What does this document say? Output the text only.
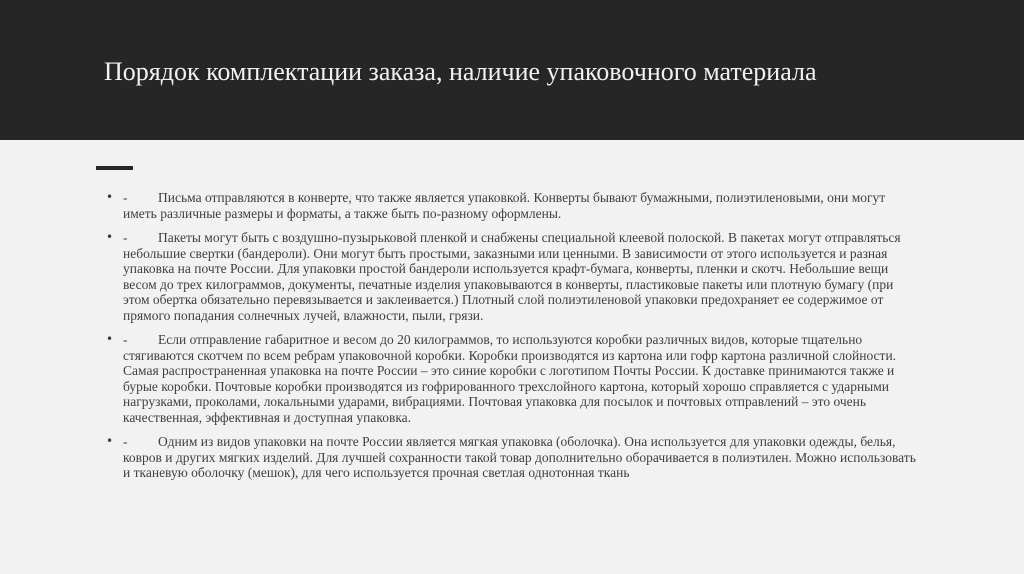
Порядок комплектации заказа, наличие упаковочного материала
• - Письма отправляются в конверте, что также является упаковкой. Конверты бывают бумажными, полиэтиленовыми, они могут иметь различные размеры и форматы, а также быть по-разному оформлены.
• - Пакеты могут быть с воздушно-пузырьковой пленкой и снабжены специальной клеевой полоской. В пакетах могут отправляться небольшие свертки (бандероли). Они могут быть простыми, заказными или ценными. В зависимости от этого используется и разная упаковка на почте России. Для упаковки простой бандероли используется крафт-бумага, конверты, пленки и скотч. Небольшие вещи весом до трех килограммов, документы, печатные изделия упаковываются в конверты, пластиковые пакеты или плотную бумагу (при этом обертка обязательно перевязывается и заклеивается.) Плотный слой полиэтиленовой упаковки предохраняет ее содержимое от прямого попадания солнечных лучей, влажности, пыли, грязи.
• - Если отправление габаритное и весом до 20 килограммов, то используются коробки различных видов, которые тщательно стягиваются скотчем по всем ребрам упаковочной коробки. Коробки производятся из картона или гофр картона различной слойности. Самая распространенная упаковка на почте России – это синие коробки с логотипом Почты России. К доставке принимаются также и бурые коробки. Почтовые коробки производятся из гофрированного трехслойного картона, который хорошо справляется с ударными нагрузками, проколами, локальными ударами, вибрациями. Почтовая упаковка для посылок и почтовых отправлений – это очень качественная, эффективная и доступная упаковка.
• - Одним из видов упаковки на почте России является мягкая упаковка (оболочка). Она используется для упаковки одежды, белья, ковров и других мягких изделий. Для лучшей сохранности такой товар дополнительно оборачивается в полиэтилен. Можно использовать и тканевую оболочку (мешок), для чего используется прочная светлая однотонная ткань
